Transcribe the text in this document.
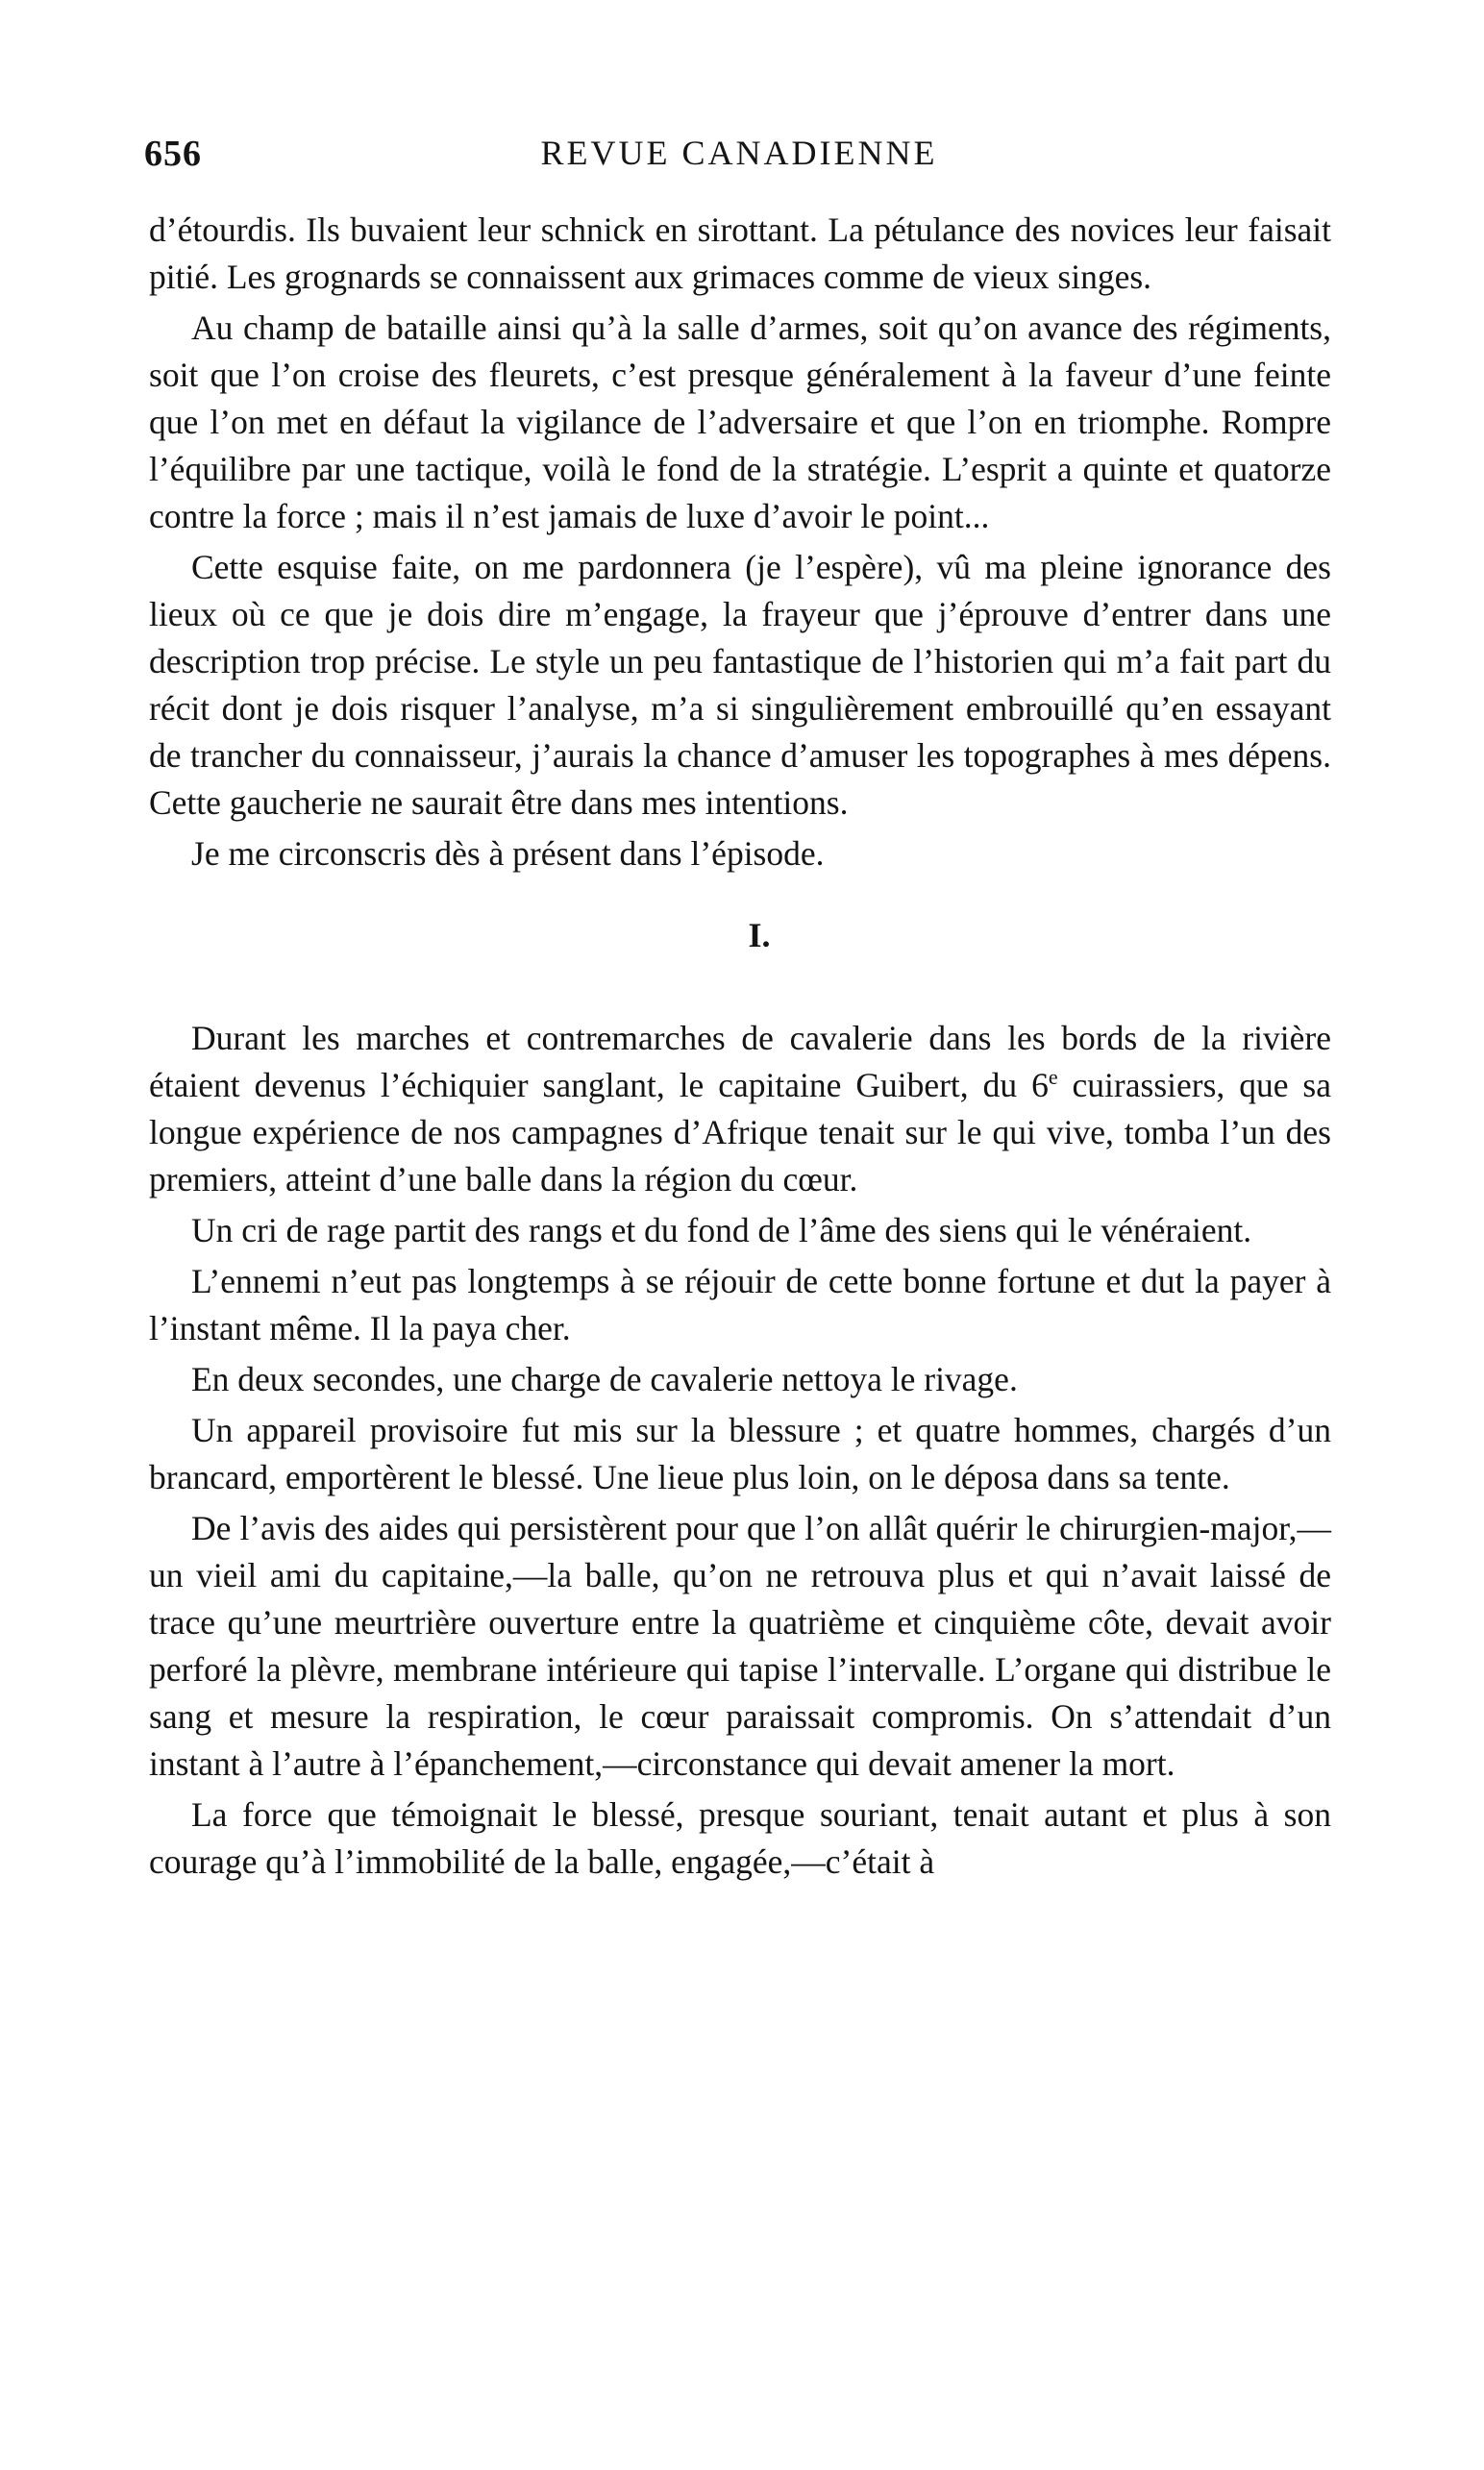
656	REVUE CANADIENNE

d’étourdis. Ils buvaient leur schnick en sirottant. La pétulance des novices leur faisait pitié. Les grognards se connaissent aux grimaces comme de vieux singes.

Au champ de bataille ainsi qu’à la salle d’armes, soit qu’on avance des régiments, soit que l’on croise des fleurets, c’est presque généralement à la faveur d’une feinte que l’on met en défaut la vigilance de l’adversaire et que l’on en triomphe. Rompre l’équilibre par une tactique, voilà le fond de la stratégie. L’esprit a quinte et quatorze contre la force ; mais il n’est jamais de luxe d’avoir le point...

Cette esquise faite, on me pardonnera (je l’espère), vû ma pleine ignorance des lieux où ce que je dois dire m’engage, la frayeur que j’éprouve d’entrer dans une description trop précise. Le style un peu fantastique de l’historien qui m’a fait part du récit dont je dois risquer l’analyse, m’a si singulièrement embrouillé qu’en essayant de trancher du connaisseur, j’aurais la chance d’amuser les topographes à mes dépens. Cette gaucherie ne saurait être dans mes intentions.

Je me circonscris dès à présent dans l’épisode.

I.

Durant les marches et contremarches de cavalerie dans les bords de la rivière étaient devenus l’échiquier sanglant, le capitaine Guibert, du 6e cuirassiers, que sa longue expérience de nos campagnes d’Afrique tenait sur le qui vive, tomba l’un des premiers, atteint d’une balle dans la région du cœur.

Un cri de rage partit des rangs et du fond de l’âme des siens qui le vénéraient.

L’ennemi n’eut pas longtemps à se réjouir de cette bonne fortune et dut la payer à l’instant même. Il la paya cher.

En deux secondes, une charge de cavalerie nettoya le rivage.

Un appareil provisoire fut mis sur la blessure ; et quatre hommes, chargés d’un brancard, emportèrent le blessé. Une lieue plus loin, on le déposa dans sa tente.

De l’avis des aides qui persistèrent pour que l’on allât quérir le chirurgien-major,—un vieil ami du capitaine,—la balle, qu’on ne retrouva plus et qui n’avait laissé de trace qu’une meurtrière ouverture entre la quatrième et cinquième côte, devait avoir perforé la plèvre, membrane intérieure qui tapise l’intervalle. L’organe qui distribue le sang et mesure la respiration, le cœur paraissait compromis. On s’attendait d’un instant à l’autre à l’épanchement,—circonstance qui devait amener la mort.

La force que témoignait le blessé, presque souriant, tenait autant et plus à son courage qu’à l’immobilité de la balle, engagée,—c’était à
